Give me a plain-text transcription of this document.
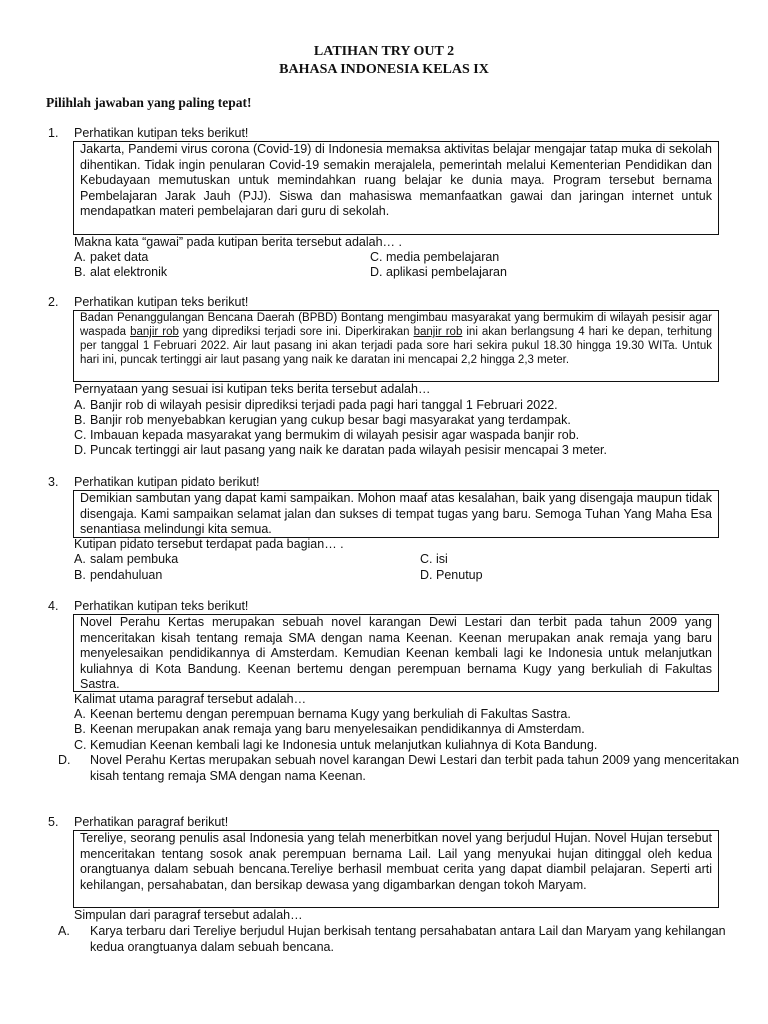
LATIHAN TRY OUT 2
BAHASA INDONESIA KELAS IX
Pilihlah jawaban yang paling tepat!
1. Perhatikan kutipan teks berikut!
Jakarta, Pandemi virus corona (Covid-19) di Indonesia memaksa aktivitas belajar mengajar tatap muka di sekolah dihentikan. Tidak ingin penularan Covid-19 semakin merajalela, pemerintah melalui Kementerian Pendidikan dan Kebudayaan memutuskan untuk memindahkan ruang belajar ke dunia maya. Program tersebut bernama Pembelajaran Jarak Jauh (PJJ). Siswa dan mahasiswa memanfaatkan gawai dan jaringan internet untuk mendapatkan materi pembelajaran dari guru di sekolah.
Makna kata “gawai” pada kutipan berita tersebut adalah… .
A. paket data
B. alat elektronik
C. media pembelajaran
D. aplikasi pembelajaran
2. Perhatikan kutipan teks berikut!
Badan Penanggulangan Bencana Daerah (BPBD) Bontang mengimbau masyarakat yang bermukim di wilayah pesisir agar waspada banjir rob yang diprediksi terjadi sore ini. Diperkirakan banjir rob ini akan berlangsung 4 hari ke depan, terhitung per tanggal 1 Februari 2022. Air laut pasang ini akan terjadi pada sore hari sekira pukul 18.30 hingga 19.30 WITa. Untuk hari ini, puncak tertinggi air laut pasang yang naik ke daratan ini mencapai 2,2 hingga 2,3 meter.
Pernyataan yang sesuai isi kutipan teks berita tersebut adalah…
A. Banjir rob di wilayah pesisir diprediksi terjadi pada pagi hari tanggal 1 Februari 2022.
B. Banjir rob menyebabkan kerugian yang cukup besar bagi masyarakat yang terdampak.
C. Imbauan kepada masyarakat yang bermukim di wilayah pesisir agar waspada banjir rob.
D. Puncak tertinggi air laut pasang yang naik ke daratan pada wilayah pesisir mencapai 3 meter.
3. Perhatikan kutipan pidato berikut!
Demikian sambutan yang dapat kami sampaikan. Mohon maaf atas kesalahan, baik yang disengaja maupun tidak disengaja. Kami sampaikan selamat jalan dan sukses di tempat tugas yang baru. Semoga Tuhan Yang Maha Esa senantiasa melindungi kita semua.
Kutipan pidato tersebut terdapat pada bagian… .
A. salam pembuka
B. pendahuluan
C. isi
D. Penutup
4. Perhatikan kutipan teks berikut!
Novel Perahu Kertas merupakan sebuah novel karangan Dewi Lestari dan terbit pada tahun 2009 yang menceritakan kisah tentang remaja SMA dengan nama Keenan. Keenan merupakan anak remaja yang baru menyelesaikan pendidikannya di Amsterdam. Kemudian Keenan kembali lagi ke Indonesia untuk melanjutkan kuliahnya di Kota Bandung. Keenan bertemu dengan perempuan bernama Kugy yang berkuliah di Fakultas Sastra.
Kalimat utama paragraf tersebut adalah…
A. Keenan bertemu dengan perempuan bernama Kugy yang berkuliah di Fakultas Sastra.
B. Keenan merupakan anak remaja yang baru menyelesaikan pendidikannya di Amsterdam.
C. Kemudian Keenan kembali lagi ke Indonesia untuk melanjutkan kuliahnya di Kota Bandung.
D. Novel Perahu Kertas merupakan sebuah novel karangan Dewi Lestari dan terbit pada tahun 2009 yang menceritakan kisah tentang remaja SMA dengan nama Keenan.
5. Perhatikan paragraf berikut!
Tereliye, seorang penulis asal Indonesia yang telah menerbitkan novel yang berjudul Hujan. Novel Hujan tersebut menceritakan tentang sosok anak perempuan bernama Lail. Lail yang menyukai hujan ditinggal oleh kedua orangtuanya dalam sebuah bencana.Tereliye berhasil membuat cerita yang dapat diambil pelajaran. Seperti arti kehilangan, persahabatan, dan bersikap dewasa yang digambarkan dengan tokoh Maryam.
Simpulan dari paragraf tersebut adalah…
A. Karya terbaru dari Tereliye berjudul Hujan berkisah tentang persahabatan antara Lail dan Maryam yang kehilangan kedua orangtuanya dalam sebuah bencana.
